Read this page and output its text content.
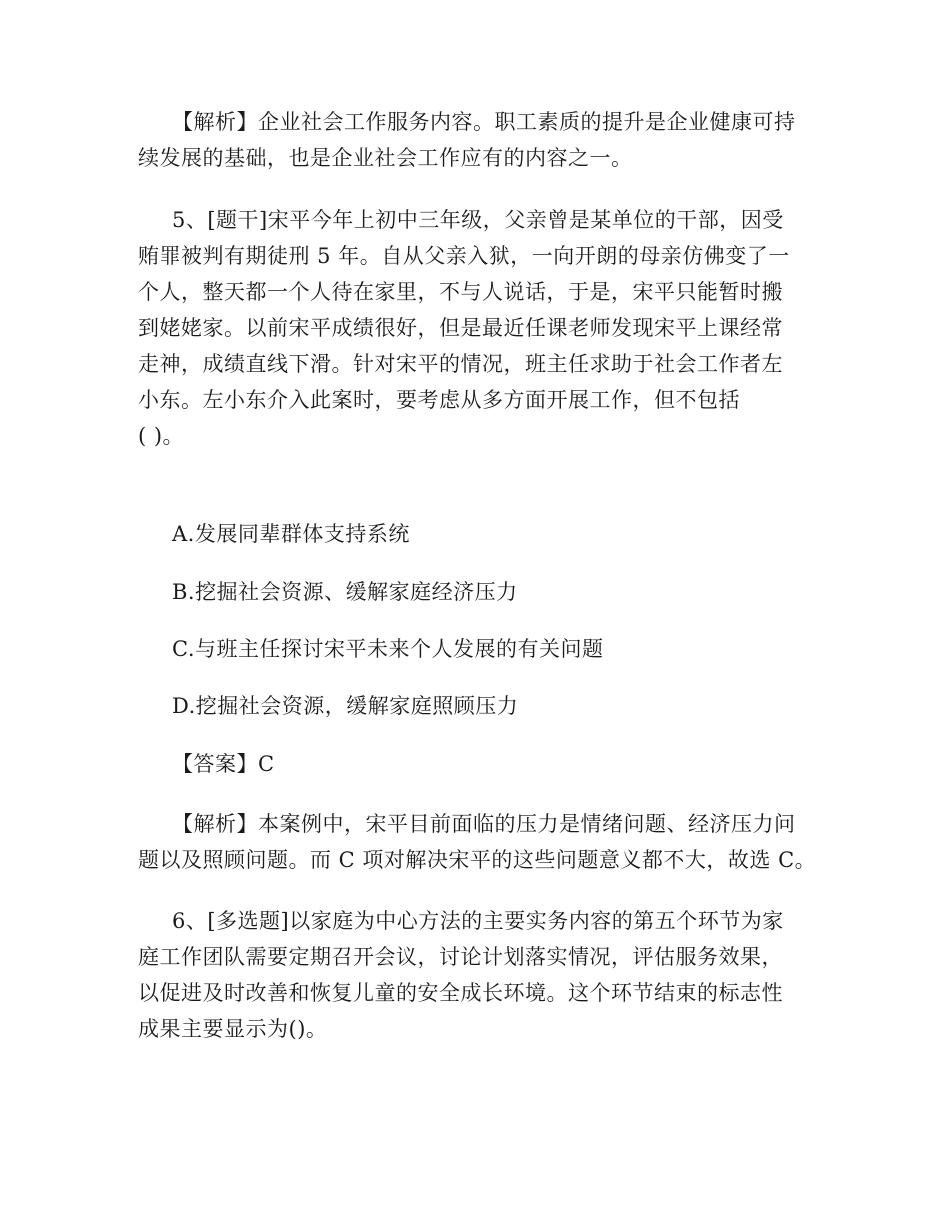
【解析】企业社会工作服务内容。职工素质的提升是企业健康可持
续发展的基础，也是企业社会工作应有的内容之一。
5、[题干]宋平今年上初中三年级，父亲曾是某单位的干部，因受
贿罪被判有期徒刑 5 年。自从父亲入狱，一向开朗的母亲仿佛变了一
个人，整天都一个人待在家里，不与人说话，于是，宋平只能暂时搬
到姥姥家。以前宋平成绩很好，但是最近任课老师发现宋平上课经常
走神，成绩直线下滑。针对宋平的情况，班主任求助于社会工作者左
小东。左小东介入此案时，要考虑从多方面开展工作，但不包括
( )。
A.发展同辈群体支持系统
B.挖掘社会资源、缓解家庭经济压力
C.与班主任探讨宋平未来个人发展的有关问题
D.挖掘社会资源，缓解家庭照顾压力
【答案】C
【解析】本案例中，宋平目前面临的压力是情绪问题、经济压力问
题以及照顾问题。而 C 项对解决宋平的这些问题意义都不大，故选 C。
6、[多选题]以家庭为中心方法的主要实务内容的第五个环节为家
庭工作团队需要定期召开会议，讨论计划落实情况，评估服务效果，
以促进及时改善和恢复儿童的安全成长环境。这个环节结束的标志性
成果主要显示为()。
